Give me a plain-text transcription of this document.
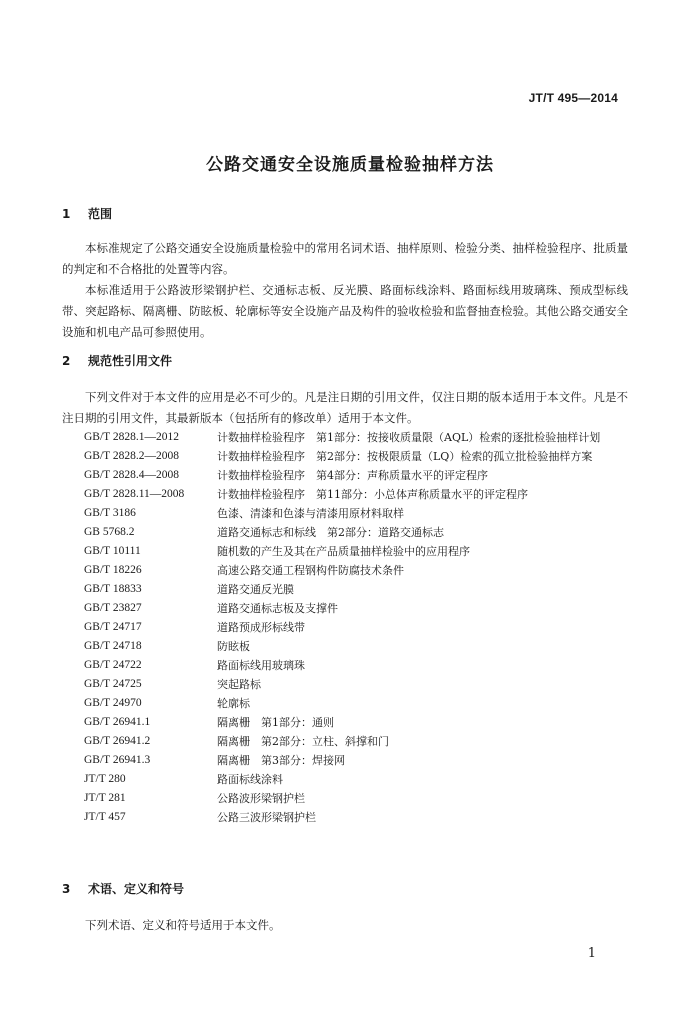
JT/T 495—2014
公路交通安全设施质量检验抽样方法
1 范围
本标准规定了公路交通安全设施质量检验中的常用名词术语、抽样原则、检验分类、抽样检验程序、批质量的判定和不合格批的处置等内容。
本标准适用于公路波形梁钢护栏、交通标志板、反光膜、路面标线涂料、路面标线用玻璃珠、预成型标线带、突起路标、隔离栅、防眩板、轮廓标等安全设施产品及构件的验收检验和监督抽查检验。其他公路交通安全设施和机电产品可参照使用。
2 规范性引用文件
下列文件对于本文件的应用是必不可少的。凡是注日期的引用文件，仅注日期的版本适用于本文件。凡是不注日期的引用文件，其最新版本（包括所有的修改单）适用于本文件。
GB/T 2828.1—2012	计数抽样检验程序　第1部分：按接收质量限（AQL）检索的逐批检验抽样计划
GB/T 2828.2—2008	计数抽样检验程序　第2部分：按极限质量（LQ）检索的孤立批检验抽样方案
GB/T 2828.4—2008	计数抽样检验程序　第4部分：声称质量水平的评定程序
GB/T 2828.11—2008	计数抽样检验程序　第11部分：小总体声称质量水平的评定程序
GB/T 3186	色漆、清漆和色漆与清漆用原材料取样
GB 5768.2	道路交通标志和标线　第2部分：道路交通标志
GB/T 10111	随机数的产生及其在产品质量抽样检验中的应用程序
GB/T 18226	高速公路交通工程钢构件防腐技术条件
GB/T 18833	道路交通反光膜
GB/T 23827	道路交通标志板及支撑件
GB/T 24717	道路预成形标线带
GB/T 24718	防眩板
GB/T 24722	路面标线用玻璃珠
GB/T 24725	突起路标
GB/T 24970	轮廓标
GB/T 26941.1	隔离栅　第1部分：通则
GB/T 26941.2	隔离栅　第2部分：立柱、斜撑和门
GB/T 26941.3	隔离栅　第3部分：焊接网
JT/T 280	路面标线涂料
JT/T 281	公路波形梁钢护栏
JT/T 457	公路三波形梁钢护栏
3 术语、定义和符号
下列术语、定义和符号适用于本文件。
1
